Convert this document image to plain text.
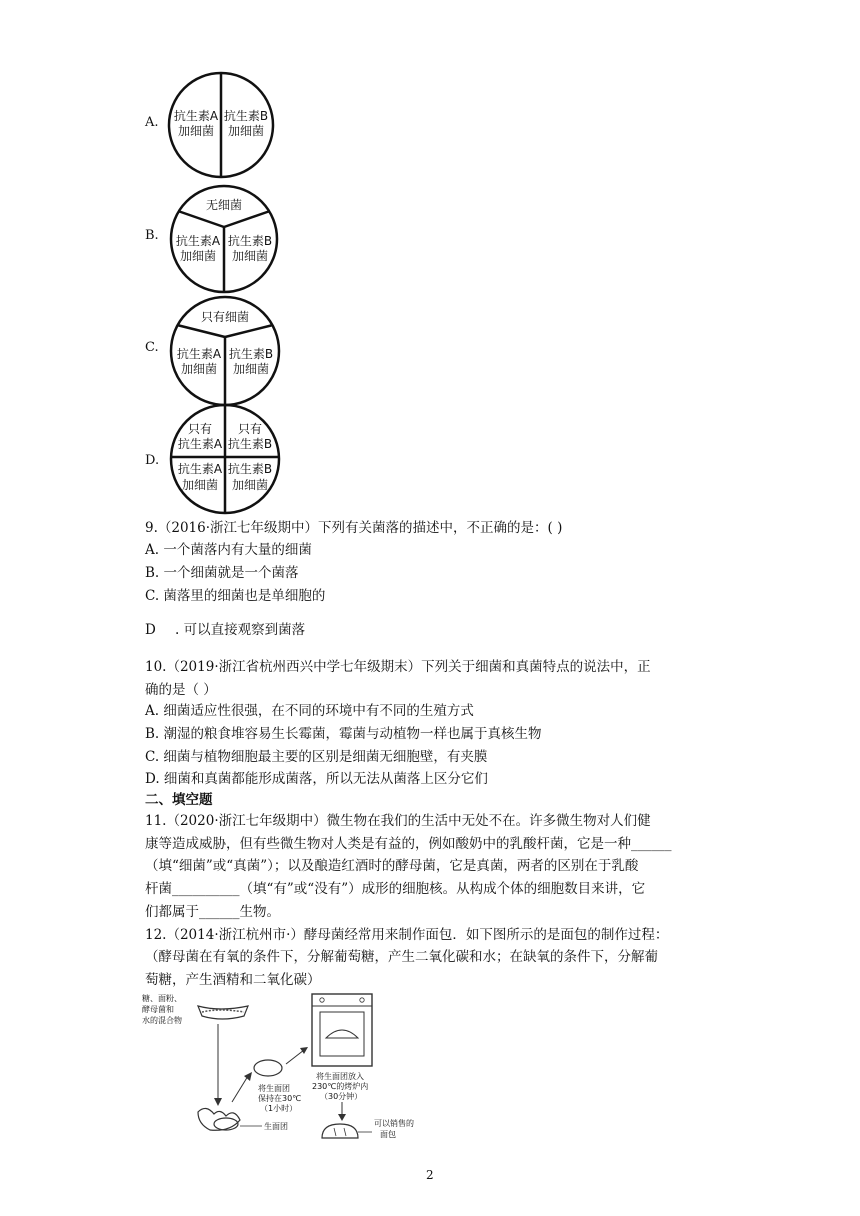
A. 抗生素A
加细菌
抗生素B
加细菌
B.
无细菌
抗生素A
加细菌
抗生素B
加细菌
C.
只有细菌
抗生素A
加细菌
抗生素B
加细菌
D.
只有
抗生素A
只有
抗生素B
抗生素A
加细菌
抗生素B
加细菌
9.（2016·浙江七年级期中）下列有关菌落的描述中，不正确的是：( )
A. 一个菌落内有大量的细菌
B. 一个细菌就是一个菌落
C. 菌落里的细菌也是单细胞的
D . 可以直接观察到菌落
10.（2019·浙江省杭州西兴中学七年级期末）下列关于细菌和真菌特点的说法中，正
确的是（ ）
A. 细菌适应性很强，在不同的环境中有不同的生殖方式
B. 潮湿的粮食堆容易生长霉菌，霉菌与动植物一样也属于真核生物
C. 细菌与植物细胞最主要的区别是细菌无细胞壁，有夹膜
D. 细菌和真菌都能形成菌落，所以无法从菌落上区分它们
二、填空题
11.（2020·浙江七年级期中）微生物在我们的生活中无处不在。许多微生物对人们健
康等造成威胁，但有些微生物对人类是有益的，例如酸奶中的乳酸杆菌，它是一种______
（填“细菌”或“真菌”）；以及酿造红酒时的酵母菌，它是真菌，两者的区别在于乳酸
杆菌__________（填“有”或“没有”）成形的细胞核。从构成个体的细胞数目来讲，它
们都属于______生物。
12.（2014·浙江杭州市·）酵母菌经常用来制作面包．如下图所示的是面包的制作过程：
（酵母菌在有氧的条件下，分解葡萄糖，产生二氧化碳和水；在缺氧的条件下，分解葡
萄糖，产生酒精和二氧化碳）
糖、面粉、
酵母菌和
水的混合物
生面团
将生面团
保持在30℃
（1小时）
将生面团放入
230℃的烤炉内
（30分钟）
可以销售的
面包
2
